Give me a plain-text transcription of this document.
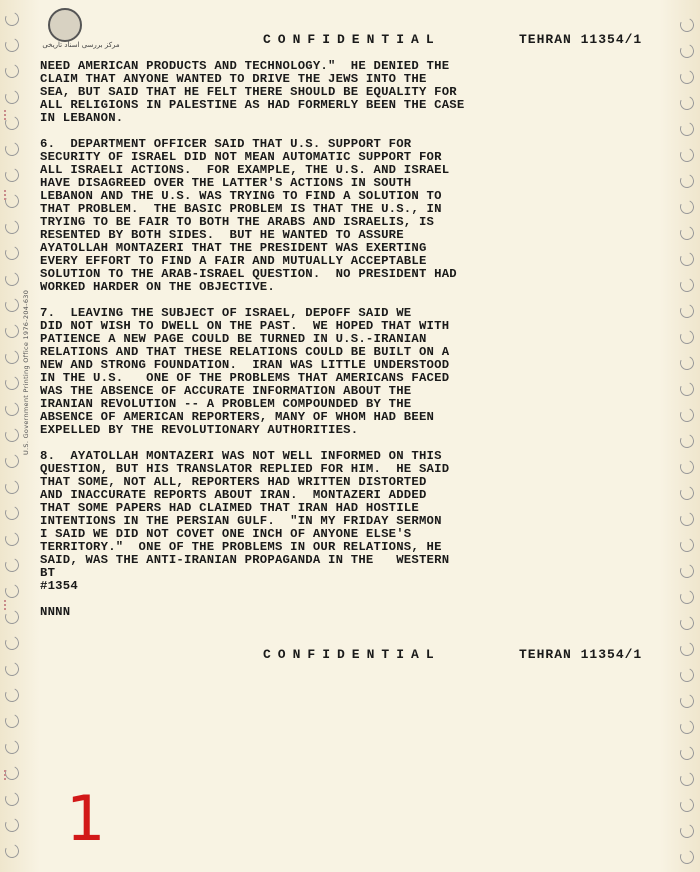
مرکز بررسی اسناد تاریخی	CONFIDENTIAL	TEHRAN 11354/1
NEED AMERICAN PRODUCTS AND TECHNOLOGY."  HE DENIED THE
CLAIM THAT ANYONE WANTED TO DRIVE THE JEWS INTO THE
SEA, BUT SAID THAT HE FELT THERE SHOULD BE EQUALITY FOR
ALL RELIGIONS IN PALESTINE AS HAD FORMERLY BEEN THE CASE
IN LEBANON.
6.  DEPARTMENT OFFICER SAID THAT U.S. SUPPORT FOR
SECURITY OF ISRAEL DID NOT MEAN AUTOMATIC SUPPORT FOR
ALL ISRAELI ACTIONS.  FOR EXAMPLE, THE U.S. AND ISRAEL
HAVE DISAGREED OVER THE LATTER'S ACTIONS IN SOUTH
LEBANON AND THE U.S. WAS TRYING TO FIND A SOLUTION TO
THAT PROBLEM.  THE BASIC PROBLEM IS THAT THE U.S., IN
TRYING TO BE FAIR TO BOTH THE ARABS AND ISRAELIS, IS
RESENTED BY BOTH SIDES.  BUT HE WANTED TO ASSURE
AYATOLLAH MONTAZERI THAT THE PRESIDENT WAS EXERTING
EVERY EFFORT TO FIND A FAIR AND MUTUALLY ACCEPTABLE
SOLUTION TO THE ARAB-ISRAEL QUESTION.  NO PRESIDENT HAD
WORKED HARDER ON THE OBJECTIVE.
7.  LEAVING THE SUBJECT OF ISRAEL, DEPOFF SAID WE
DID NOT WISH TO DWELL ON THE PAST.  WE HOPED THAT WITH
PATIENCE A NEW PAGE COULD BE TURNED IN U.S.-IRANIAN
RELATIONS AND THAT THESE RELATIONS COULD BE BUILT ON A
NEW AND STRONG FOUNDATION.  IRAN WAS LITTLE UNDERSTOOD
IN THE U.S.   ONE OF THE PROBLEMS THAT AMERICANS FACED
WAS THE ABSENCE OF ACCURATE INFORMATION ABOUT THE
IRANIAN REVOLUTION -- A PROBLEM COMPOUNDED BY THE
ABSENCE OF AMERICAN REPORTERS, MANY OF WHOM HAD BEEN
EXPELLED BY THE REVOLUTIONARY AUTHORITIES.
8.  AYATOLLAH MONTAZERI WAS NOT WELL INFORMED ON THIS
QUESTION, BUT HIS TRANSLATOR REPLIED FOR HIM.  HE SAID
THAT SOME, NOT ALL, REPORTERS HAD WRITTEN DISTORTED
AND INACCURATE REPORTS ABOUT IRAN.  MONTAZERI ADDED
THAT SOME PAPERS HAD CLAIMED THAT IRAN HAD HOSTILE
INTENTIONS IN THE PERSIAN GULF.  "IN MY FRIDAY SERMON
I SAID WE DID NOT COVET ONE INCH OF ANYONE ELSE'S
TERRITORY."  ONE OF THE PROBLEMS IN OUR RELATIONS, HE
SAID, WAS THE ANTI-IRANIAN PROPAGANDA IN THE   WESTERN
BT
#1354
NNNN
CONFIDENTIAL	TEHRAN 11354/1
U.S. Government Printing Office 1976-204-630
1
